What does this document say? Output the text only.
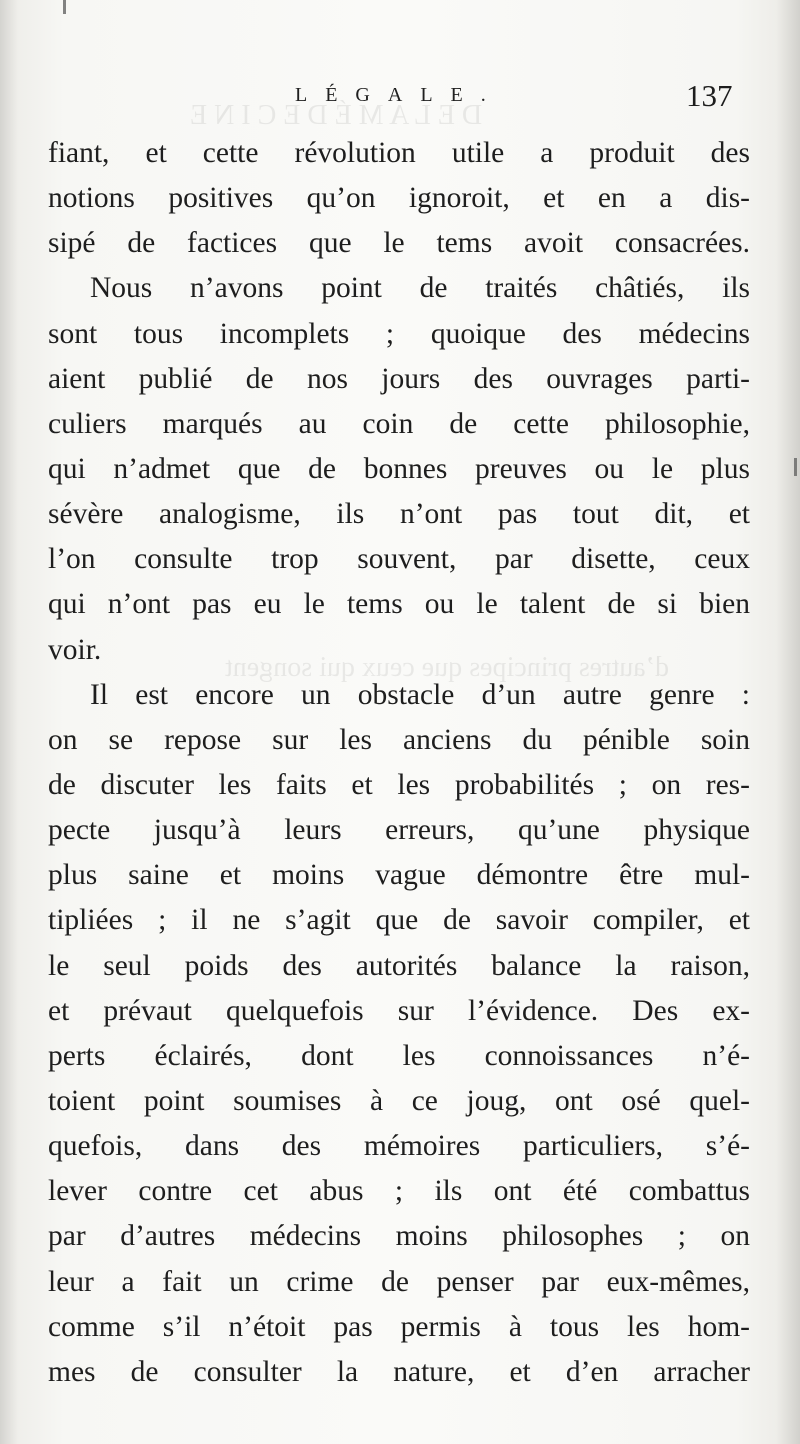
D E L A M É D E C I N E
d’autres principes que ceux qui songent
LÉGALE.	137
fiant, et cette révolution utile a produit des
notions positives qu’on ignoroit, et en a dis-
sipé de factices que le tems avoit consacrées.
Nous n’avons point de traités châtiés, ils
sont tous incomplets ; quoique des médecins
aient publié de nos jours des ouvrages parti-
culiers marqués au coin de cette philosophie,
qui n’admet que de bonnes preuves ou le plus
sévère analogisme, ils n’ont pas tout dit, et
l’on consulte trop souvent, par disette, ceux
qui n’ont pas eu le tems ou le talent de si bien
voir.
Il est encore un obstacle d’un autre genre :
on se repose sur les anciens du pénible soin
de discuter les faits et les probabilités ; on res-
pecte jusqu’à leurs erreurs, qu’une physique
plus saine et moins vague démontre être mul-
tipliées ; il ne s’agit que de savoir compiler, et
le seul poids des autorités balance la raison,
et prévaut quelquefois sur l’évidence. Des ex-
perts éclairés, dont les connoissances n’é-
toient point soumises à ce joug, ont osé quel-
quefois, dans des mémoires particuliers, s’é-
lever contre cet abus ; ils ont été combattus
par d’autres médecins moins philosophes ; on
leur a fait un crime de penser par eux-mêmes,
comme s’il n’étoit pas permis à tous les hom-
mes de consulter la nature, et d’en arracher
